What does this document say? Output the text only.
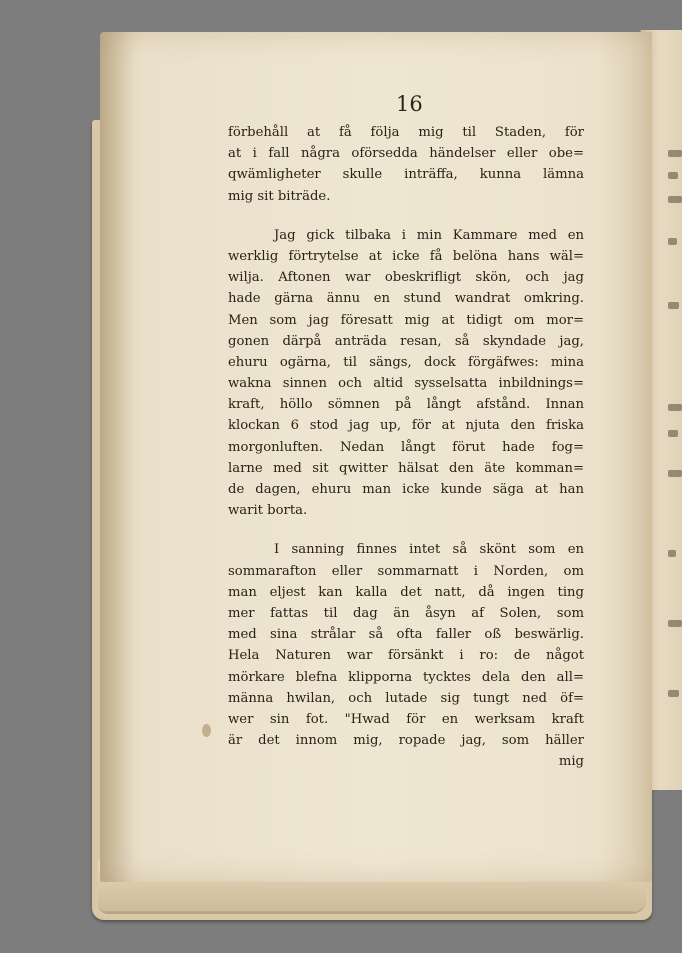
16
förbehåll at få följa mig til Staden, för
at i fall några oförsedda händelser eller obe=
qwämligheter skulle inträffa, kunna lämna
mig sit biträde.
Jag gick tilbaka i min Kammare med en
werklig förtrytelse at icke få belöna hans wäl=
wilja. Aftonen war obeskrifligt skön, och jag
hade gärna ännu en stund wandrat omkring.
Men som jag föresatt mig at tidigt om mor=
gonen därpå anträda resan, så skyndade jag,
ehuru ogärna, til sängs, dock förgäfwes: mina
wakna sinnen och altid sysselsatta inbildnings=
kraft, höllo sömnen på långt afstånd. Innan
klockan 6 stod jag up, för at njuta den friska
morgonluften. Nedan långt förut hade fog=
larne med sit qwitter hälsat den äte komman=
de dagen, ehuru man icke kunde säga at han
warit borta.
I sanning finnes intet så skönt som en
sommarafton eller sommarnatt i Norden, om
man eljest kan kalla det natt, då ingen ting
mer fattas til dag än åsyn af Solen, som
med sina strålar så ofta faller oß beswärlig.
Hela Naturen war försänkt i ro: de något
mörkare blefna klipporna tycktes dela den all=
männa hwilan, och lutade sig tungt ned öf=
wer sin fot. "Hwad för en werksam kraft
är det innom mig, ropade jag, som häller
mig
